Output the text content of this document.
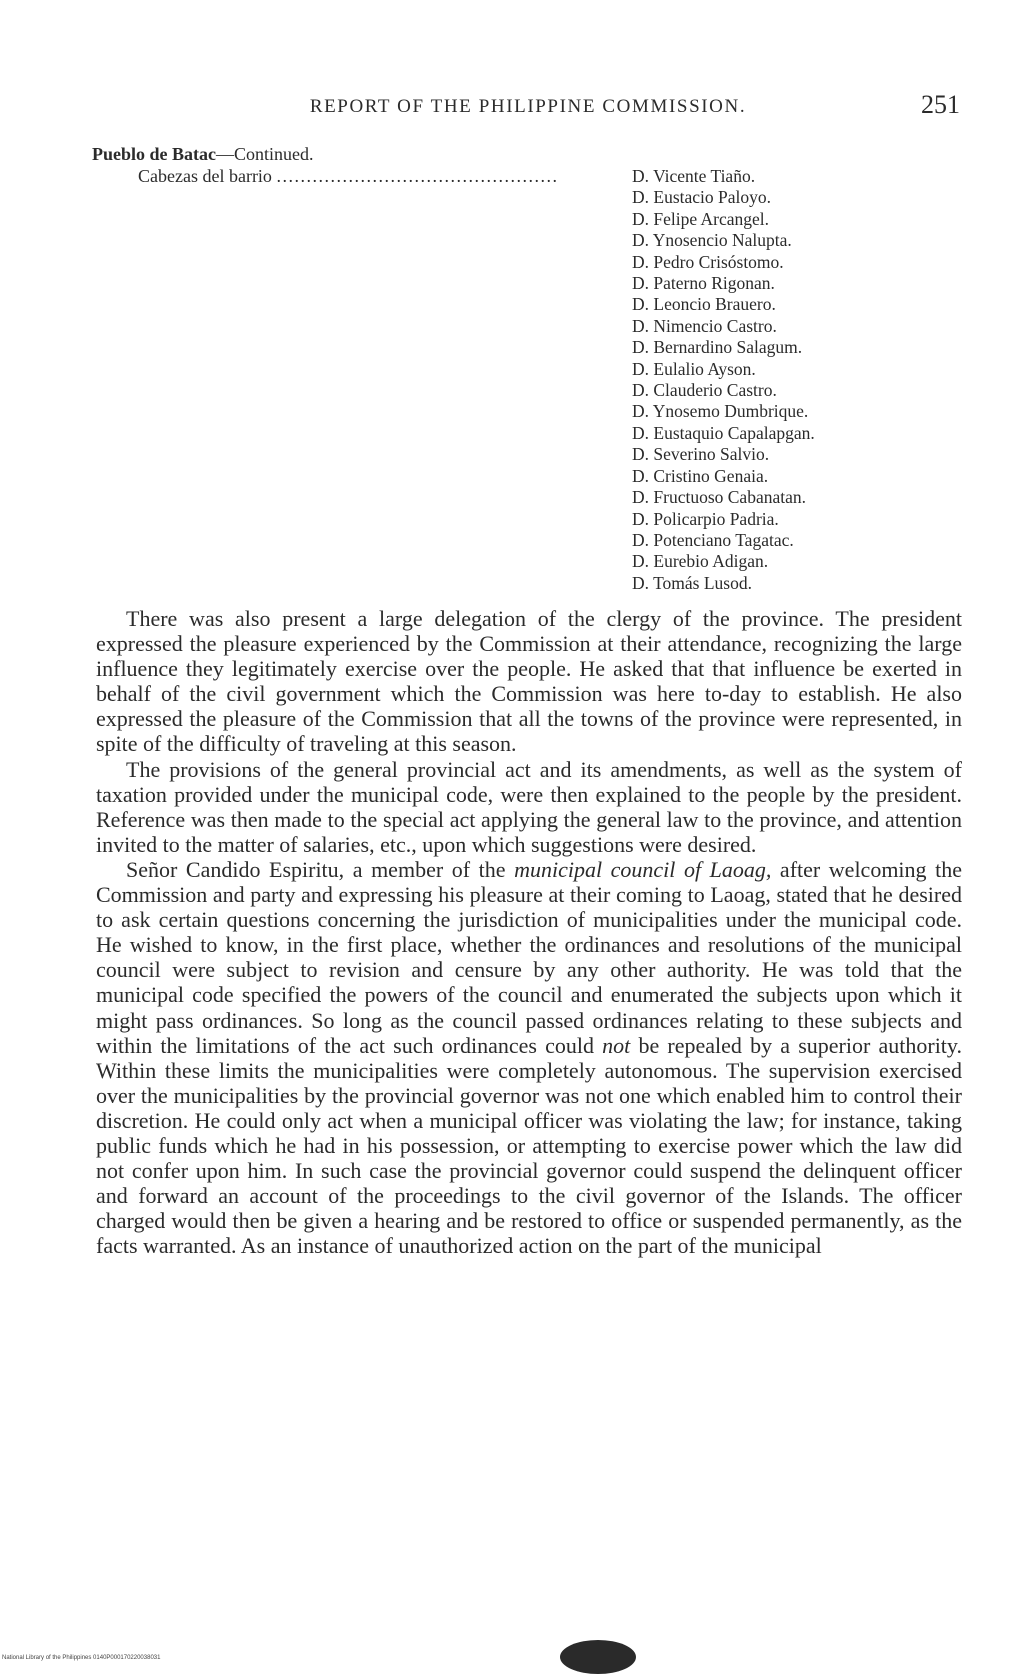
REPORT OF THE PHILIPPINE COMMISSION.	251
Pueblo de Batac—Continued.
Cabezas del barrio ...............................................	D. Vicente Tiaño.
D. Eustacio Paloyo.
D. Felipe Arcangel.
D. Ynosencio Nalupta.
D. Pedro Crisóstomo.
D. Paterno Rigonan.
D. Leoncio Brauero.
D. Nimencio Castro.
D. Bernardino Salagum.
D. Eulalio Ayson.
D. Clauderio Castro.
D. Ynosemo Dumbrique.
D. Eustaquio Capalapgan.
D. Severino Salvio.
D. Cristino Genaia.
D. Fructuoso Cabanatan.
D. Policarpio Padria.
D. Potenciano Tagatac.
D. Eurebio Adigan.
D. Tomás Lusod.

There was also present a large delegation of the clergy of the province. The president expressed the pleasure experienced by the Commission at their attendance, recognizing the large influence they legitimately exercise over the people. He asked that that influence be exerted in behalf of the civil government which the Commission was here to-day to establish. He also expressed the pleasure of the Commission that all the towns of the province were represented, in spite of the difficulty of traveling at this season.

The provisions of the general provincial act and its amendments, as well as the system of taxation provided under the municipal code, were then explained to the people by the president. Reference was then made to the special act applying the general law to the province, and attention invited to the matter of salaries, etc., upon which suggestions were desired.

Señor Candido Espiritu, a member of the municipal council of Laoag, after welcoming the Commission and party and expressing his pleasure at their coming to Laoag, stated that he desired to ask certain questions concerning the jurisdiction of municipalities under the municipal code. He wished to know, in the first place, whether the ordinances and resolutions of the municipal council were subject to revision and censure by any other authority. He was told that the municipal code specified the powers of the council and enumerated the subjects upon which it might pass ordinances. So long as the council passed ordinances relating to these subjects and within the limitations of the act such ordinances could not be repealed by a superior authority. Within these limits the municipalities were completely autonomous. The supervision exercised over the municipalities by the provincial governor was not one which enabled him to control their discretion. He could only act when a municipal officer was violating the law; for instance, taking public funds which he had in his possession, or attempting to exercise power which the law did not confer upon him. In such case the provincial governor could suspend the delinquent officer and forward an account of the proceedings to the civil governor of the Islands. The officer charged would then be given a hearing and be restored to office or suspended permanently, as the facts warranted. As an instance of unauthorized action on the part of the municipal

National Library of the Philippines 0140P000170220038031
